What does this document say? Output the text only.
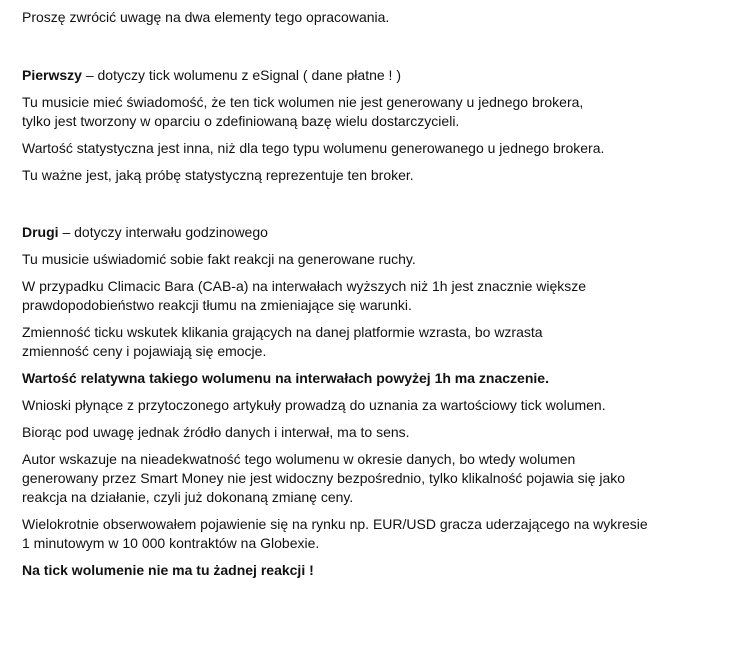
Proszę zwrócić uwagę na dwa elementy tego opracowania.

Pierwszy – dotyczy tick wolumenu z eSignal ( dane płatne ! )

Tu musicie mieć świadomość, że ten tick wolumen nie jest generowany u jednego brokera,
tylko jest tworzony w oparciu o zdefiniowaną bazę wielu dostarczycieli.

Wartość statystyczna jest inna, niż dla tego typu wolumenu generowanego u jednego brokera.

Tu ważne jest, jaką próbę statystyczną reprezentuje ten broker.

Drugi – dotyczy interwału godzinowego

Tu musicie uświadomić sobie fakt reakcji na generowane ruchy.

W przypadku Climacic Bara (CAB-a) na interwałach wyższych niż 1h jest znacznie większe
prawdopodobieństwo reakcji tłumu na zmieniające się warunki.

Zmienność ticku wskutek klikania grających na danej platformie wzrasta, bo wzrasta
zmienność ceny i pojawiają się emocje.

Wartość relatywna takiego wolumenu na interwałach powyżej 1h ma znaczenie.

Wnioski płynące z przytoczonego artykuły prowadzą do uznania za wartościowy tick wolumen.

Biorąc pod uwagę jednak źródło danych i interwał, ma to sens.

Autor wskazuje na nieadekwatność tego wolumenu w okresie danych, bo wtedy wolumen
generowany przez Smart Money nie jest widoczny bezpośrednio, tylko klikalność pojawia się jako
reakcja na działanie, czyli już dokonaną zmianę ceny.

Wielokrotnie obserwowałem pojawienie się na rynku np. EUR/USD gracza uderzającego na wykresie
1 minutowym w 10 000 kontraktów na Globexie.

Na tick wolumenie nie ma tu żadnej reakcji !
